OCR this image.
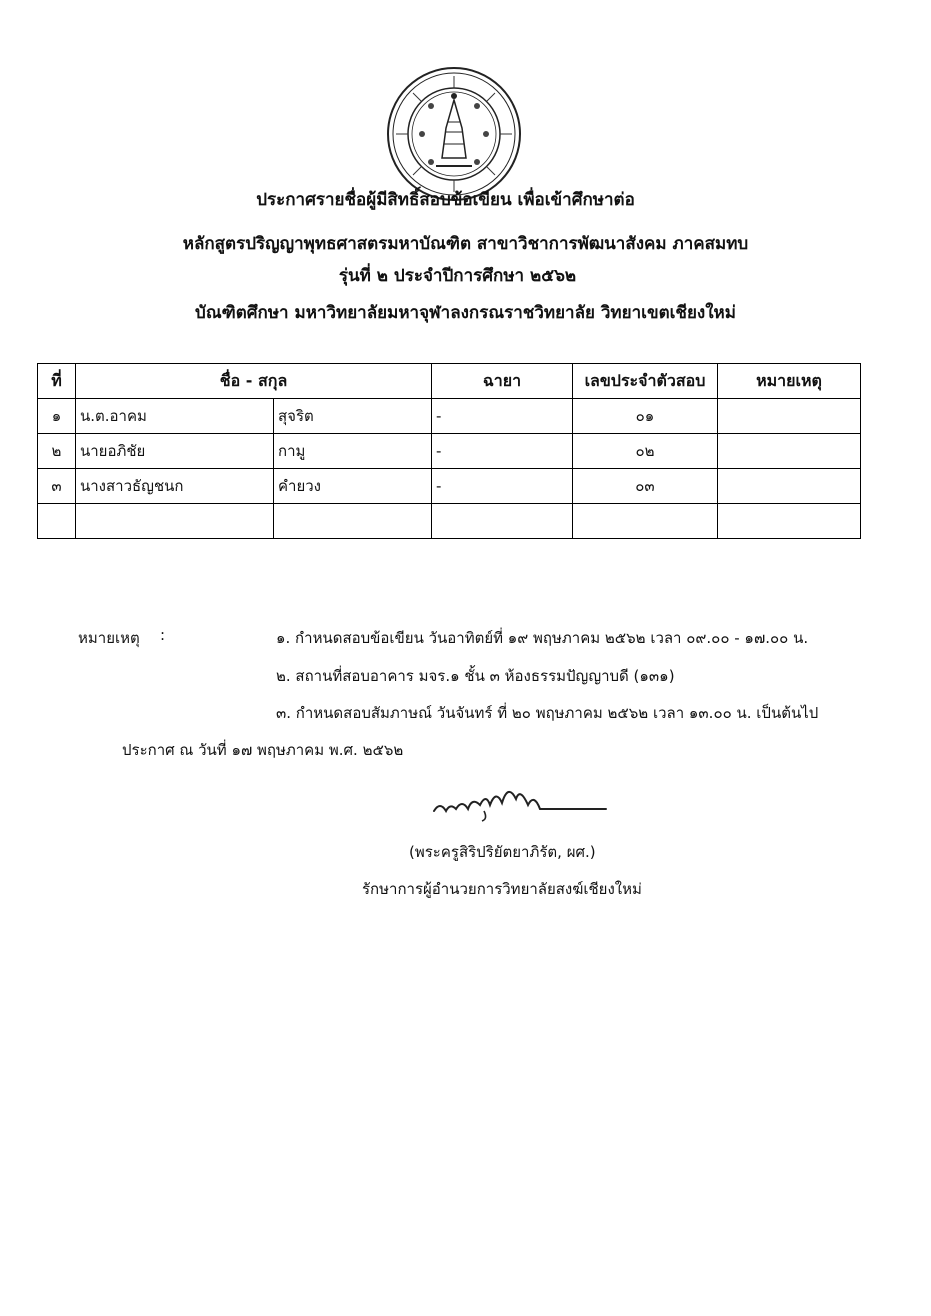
ประกาศรายชื่อผู้มีสิทธิ์สอบข้อเขียน เพื่อเข้าศึกษาต่อ
หลักสูตรปริญญาพุทธศาสตรมหาบัณฑิต สาขาวิชาการพัฒนาสังคม ภาคสมทบ
รุ่นที่ ๒ ประจำปีการศึกษา ๒๕๖๒
บัณฑิตศึกษา มหาวิทยาลัยมหาจุฬาลงกรณราชวิทยาลัย วิทยาเขตเชียงใหม่
ที่	ชื่อ - สกุล		ฉายา	เลขประจำตัวสอบ	หมายเหตุ
๑	น.ต.อาคม	สุจริต	-	๐๑	
๒	นายอภิชัย	กามู	-	๐๒	
๓	นางสาวธัญชนก	คำยวง	-	๐๓	

หมายเหตุ :	๑. กำหนดสอบข้อเขียน วันอาทิตย์ที่ ๑๙ พฤษภาคม ๒๕๖๒ เวลา ๐๙.๐๐ - ๑๗.๐๐ น.
๒. สถานที่สอบอาคาร มจร.๑ ชั้น ๓ ห้องธรรมปัญญาบดี (๑๓๑)
๓. กำหนดสอบสัมภาษณ์ วันจันทร์ ที่ ๒๐ พฤษภาคม ๒๕๖๒ เวลา ๑๓.๐๐ น. เป็นต้นไป
ประกาศ ณ วันที่ ๑๗ พฤษภาคม พ.ศ. ๒๕๖๒
(พระครูสิริปริยัตยาภิรัต, ผศ.)
รักษาการผู้อำนวยการวิทยาลัยสงฆ์เชียงใหม่
